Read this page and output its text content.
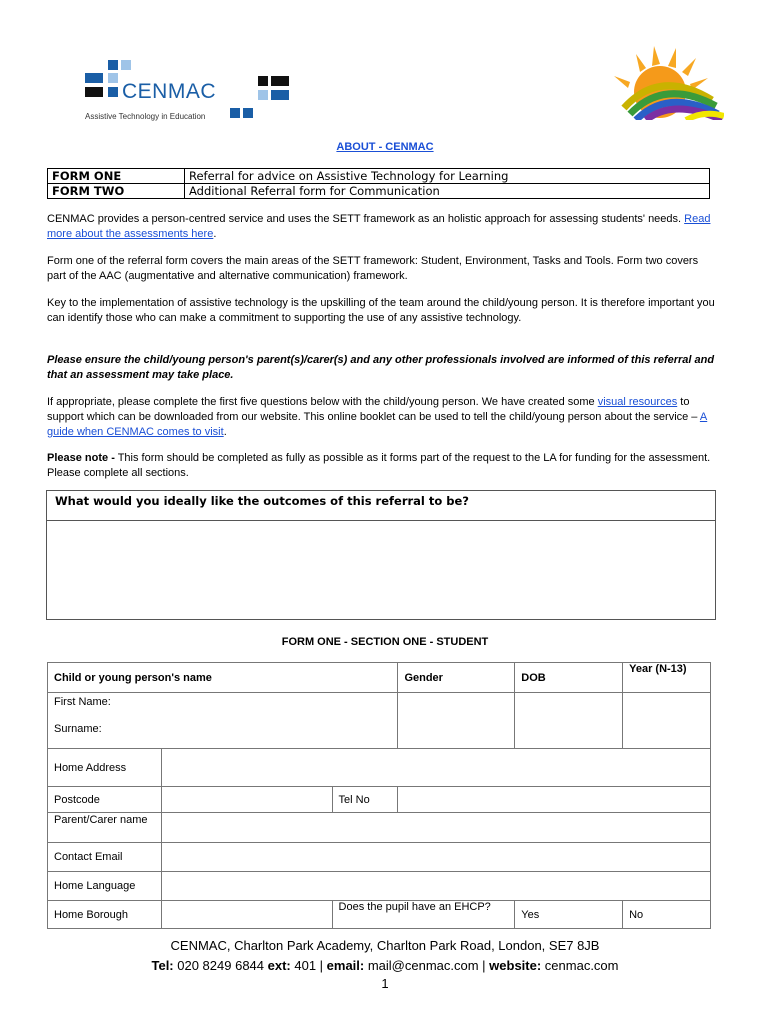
CENMAC
Assistive Technology in Education
ABOUT - CENMAC
FORM ONE	Referral for advice on Assistive Technology for Learning
FORM TWO	Additional Referral form for Communication
CENMAC provides a person-centred service and uses the SETT framework as an holistic approach for assessing students' needs. Read more about the assessments here.
Form one of the referral form covers the main areas of the SETT framework: Student, Environment, Tasks and Tools. Form two covers part of the AAC (augmentative and alternative communication) framework.
Key to the implementation of assistive technology is the upskilling of the team around the child/young person. It is therefore important you can identify those who can make a commitment to supporting the use of any assistive technology.
Please ensure the child/young person's parent(s)/carer(s) and any other professionals involved are informed of this referral and that an assessment may take place.
If appropriate, please complete the first five questions below with the child/young person. We have created some visual resources to support which can be downloaded from our website. This online booklet can be used to tell the child/young person about the service – A guide when CENMAC comes to visit.
Please note - This form should be completed as fully as possible as it forms part of the request to the LA for funding for the assessment. Please complete all sections.
What would you ideally like the outcomes of this referral to be?
FORM ONE - SECTION ONE - STUDENT
Child or young person's name			Gender	DOB	Year (N-13)

First Name:
Surname:					

Home Address					
Postcode		Tel No			
Parent/Carer name					
Contact Email					
Home Language					
Home Borough		Does the pupil have an EHCP?		Yes	No
CENMAC, Charlton Park Academy, Charlton Park Road, London, SE7 8JB
Tel: 020 8249 6844 ext: 401 | email: mail@cenmac.com | website: cenmac.com
1
